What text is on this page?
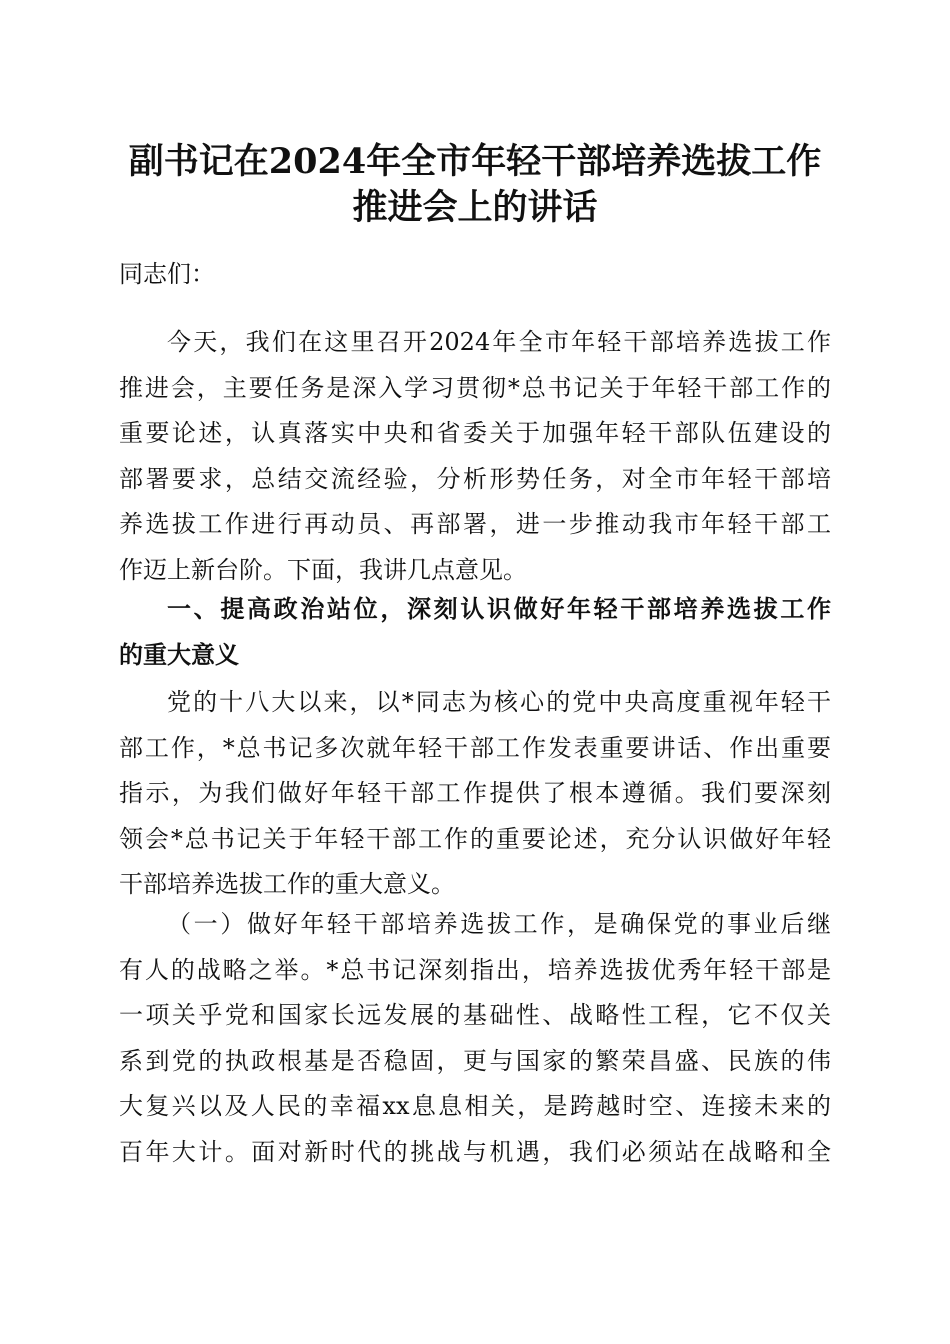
副书记在2024年全市年轻干部培养选拔工作
推进会上的讲话

同志们：

今天，我们在这里召开2024年全市年轻干部培养选拔工作
推进会，主要任务是深入学习贯彻*总书记关于年轻干部工作的
重要论述，认真落实中央和省委关于加强年轻干部队伍建设的
部署要求，总结交流经验，分析形势任务，对全市年轻干部培
养选拔工作进行再动员、再部署，进一步推动我市年轻干部工
作迈上新台阶。下面，我讲几点意见。
一、提高政治站位，深刻认识做好年轻干部培养选拔工作
的重大意义
党的十八大以来，以*同志为核心的党中央高度重视年轻干
部工作，*总书记多次就年轻干部工作发表重要讲话、作出重要
指示，为我们做好年轻干部工作提供了根本遵循。我们要深刻
领会*总书记关于年轻干部工作的重要论述，充分认识做好年轻
干部培养选拔工作的重大意义。
（一）做好年轻干部培养选拔工作，是确保党的事业后继
有人的战略之举。*总书记深刻指出，培养选拔优秀年轻干部是
一项关乎党和国家长远发展的基础性、战略性工程，它不仅关
系到党的执政根基是否稳固，更与国家的繁荣昌盛、民族的伟
大复兴以及人民的幸福xx息息相关，是跨越时空、连接未来的
百年大计。面对新时代的挑战与机遇，我们必须站在战略和全
